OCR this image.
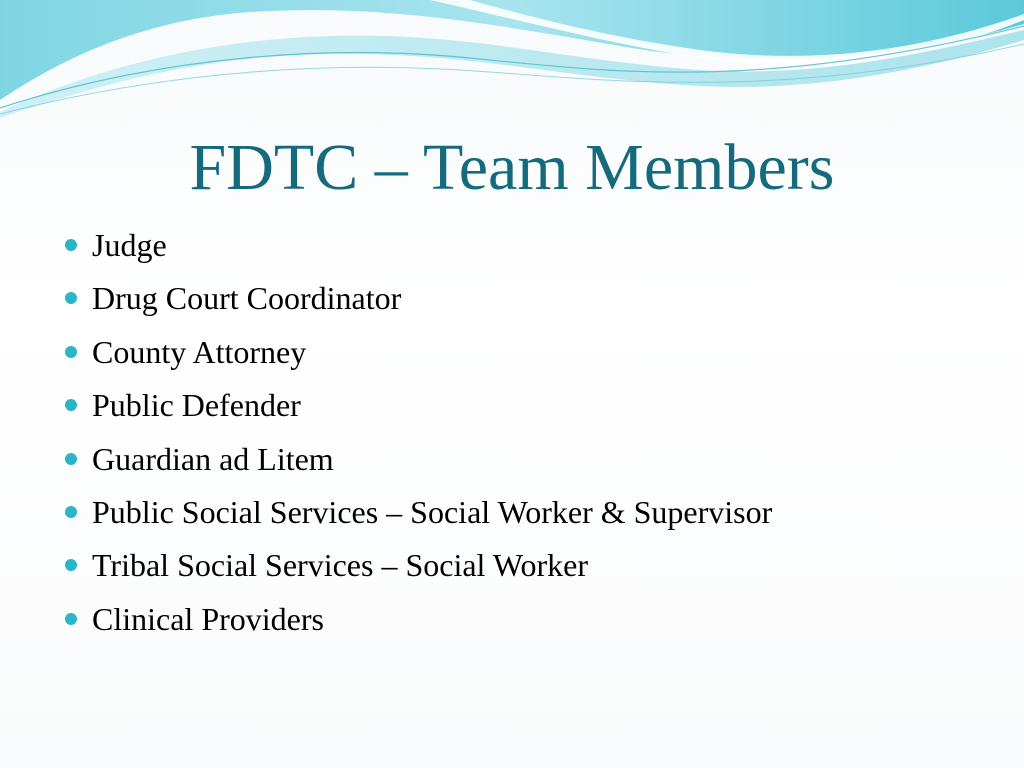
FDTC – Team Members
Judge
Drug Court Coordinator
County Attorney
Public Defender
Guardian ad Litem
Public Social Services – Social Worker & Supervisor
Tribal Social Services – Social Worker
Clinical Providers
